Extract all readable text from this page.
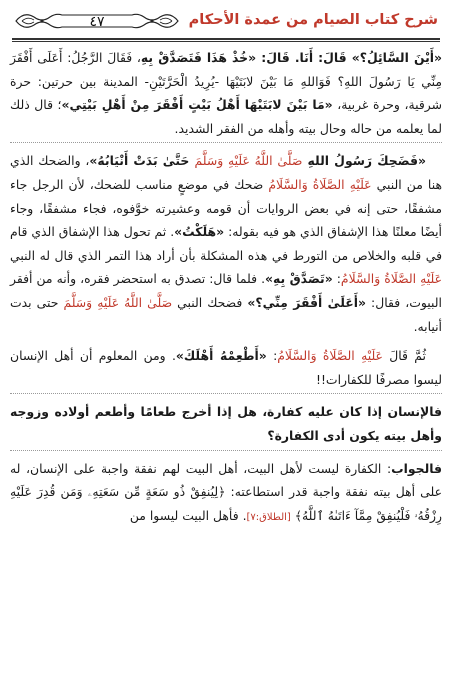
٤٧	شرح كتاب الصيام من عمدة الأحكام

«أَيْنَ السَّائِلُ؟» قَالَ: أَنَا. قَالَ: «خُذْ هَذَا فَتَصَدَّقْ بِهِ، فَقَالَ الرَّجُلُ: أَعَلَى أَفْقَرَ مِنِّي يَا رَسُولَ اللهِ؟ فَوَاللهِ مَا بَيْنَ لابَتَيْهَا -يُرِيدُ الْحَرَّتَيْنِ- المدينة بين حرتين: حرة شرقية، وحرة غربية، «مَا بَيْنَ لابَتَيْهَا أَهْلُ بَيْتٍ أَفْقَرَ مِنْ أَهْلِ بَيْتِي»؛ قال ذلك لما يعلمه من حاله وحال بيته وأهله من الفقر الشديد.

«فَضَحِكَ رَسُولُ اللهِ صَلَّىٰ اللَّهُ عَلَيْهِ وَسَلَّمَ حَتَّىٰ بَدَتْ أَنْيَابُهُ»، والضحك الذي هنا من النبي عَلَيْهِ الصَّلَاةُ وَالسَّلَامُ ضحك في موضعٍ مناسب للضحك، لأن الرجل جاء مشفقًا، حتى إنه في بعض الروايات أن قومه وعشيرته خوَّفوه، فجاء مشفقًا، وجاء أيضًا معلنًا هذا الإشفاق الذي هو فيه بقوله: «هَلَكْتُ». ثم تحول هذا الإشفاق الذي قام في قلبه والخلاص من التورط في هذه المشكلة بأن أراد هذا التمر الذي قال له النبي عَلَيْهِ الصَّلَاةُ وَالسَّلَامُ: «تَصَدَّقْ بِهِ». فلما قال: تصدق به استحضر فقره، وأنه من أفقر البيوت، فقال: «أَعَلَىٰ أَفْقَرَ مِنِّي؟» فضحك النبي صَلَّىٰ اللَّهُ عَلَيْهِ وَسَلَّمَ حتى بدت أنيابه.

ثُمَّ قَالَ عَلَيْهِ الصَّلَاةُ وَالسَّلَامُ: «أَطْعِمْهُ أَهْلَكَ». ومن المعلوم أن أهل الإنسان ليسوا مصرفًا للكفارات!!

فالإنسان إذا كان عليه كفارة، هل إذا أخرج طعامًا وأطعم أولاده وزوجه وأهل بيته يكون أدى الكفارة؟

فالجواب: الكفارة ليست لأهل البيت، أهل البيت لهم نفقة واجبة على الإنسان، له على أهل بيته نفقة واجبة قدر استطاعته: ﴿لِيُنفِقْ ذُو سَعَةٍ مِّن سَعَتِهِۦ وَمَن قُدِرَ عَلَيْهِ رِزْقُهُۥ فَلْيُنفِقْ مِمَّآ ءَاتَىٰهُ ٱللَّهُ﴾ [الطلاق:٧]. فأهل البيت ليسوا من
